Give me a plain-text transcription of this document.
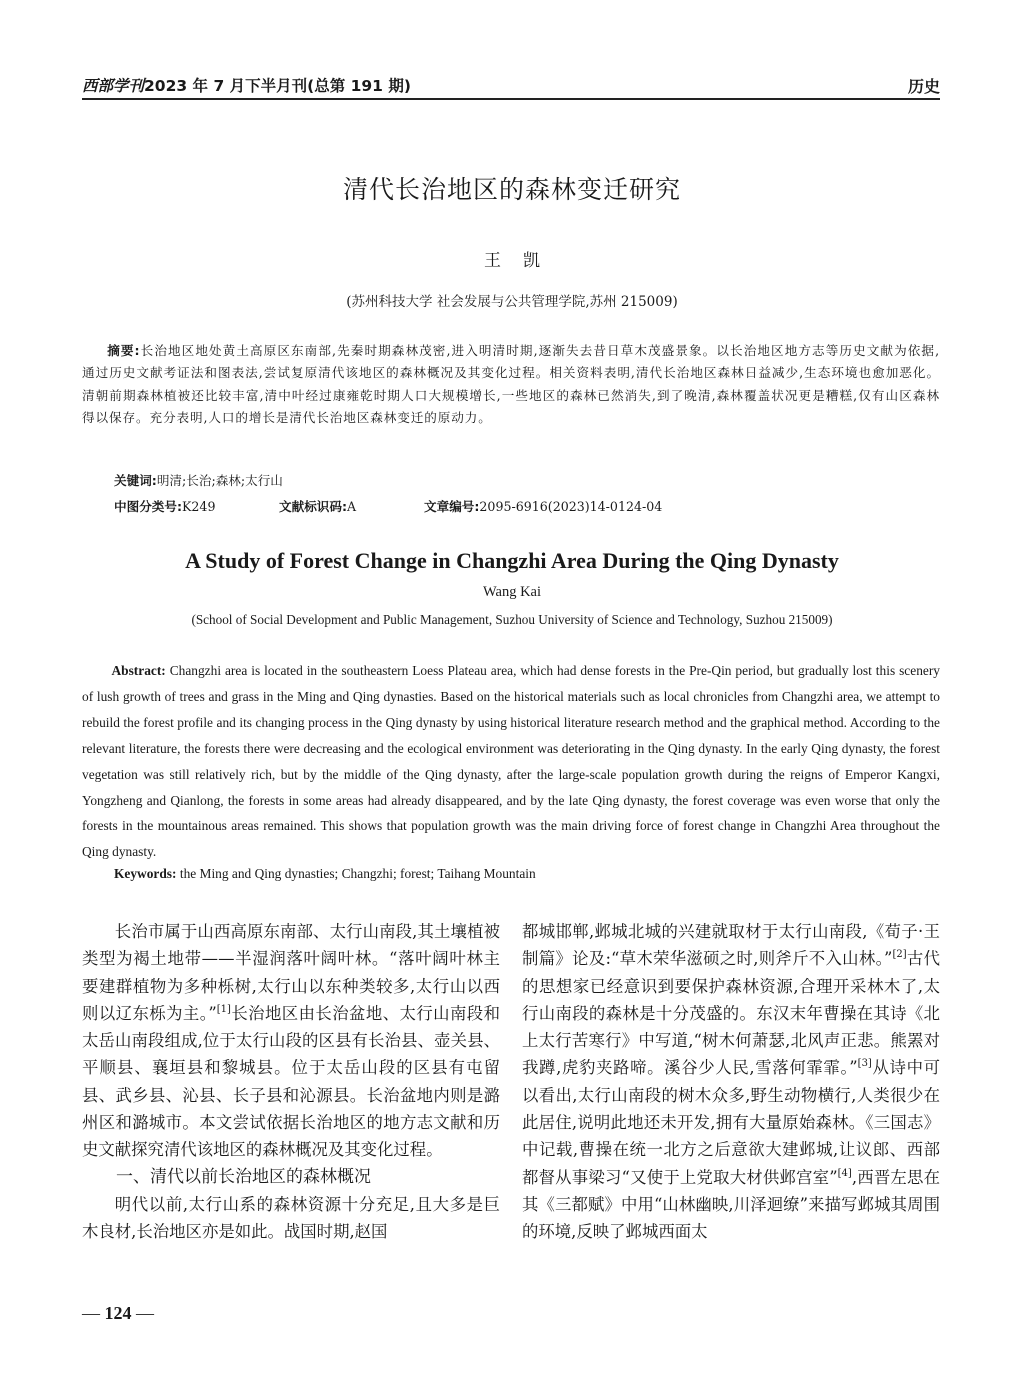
西部学刊2023 年 7 月下半月刊(总第 191 期)	历史
清代长治地区的森林变迁研究
王凯
(苏州科技大学 社会发展与公共管理学院,苏州 215009)
摘要:长治地区地处黄土高原区东南部,先秦时期森林茂密,进入明清时期,逐渐失去昔日草木茂盛景象。以长治地区地方志等历史文献为依据,通过历史文献考证法和图表法,尝试复原清代该地区的森林概况及其变化过程。相关资料表明,清代长治地区森林日益减少,生态环境也愈加恶化。清朝前期森林植被还比较丰富,清中叶经过康雍乾时期人口大规模增长,一些地区的森林已然消失,到了晚清,森林覆盖状况更是糟糕,仅有山区森林得以保存。充分表明,人口的增长是清代长治地区森林变迁的原动力。
关键词:明清;长治;森林;太行山
中图分类号:K249	文献标识码:A	文章编号:2095-6916(2023)14-0124-04
A Study of Forest Change in Changzhi Area During the Qing Dynasty
Wang Kai
(School of Social Development and Public Management, Suzhou University of Science and Technology, Suzhou 215009)
Abstract: Changzhi area is located in the southeastern Loess Plateau area, which had dense forests in the Pre-Qin period, but gradually lost this scenery of lush growth of trees and grass in the Ming and Qing dynasties. Based on the historical materials such as local chronicles from Changzhi area, we attempt to rebuild the forest profile and its changing process in the Qing dynasty by using historical literature research method and the graphical method. According to the relevant literature, the forests there were decreasing and the ecological environment was deteriorating in the Qing dynasty. In the early Qing dynasty, the forest vegetation was still relatively rich, but by the middle of the Qing dynasty, after the large-scale population growth during the reigns of Emperor Kangxi, Yongzheng and Qianlong, the forests in some areas had already disappeared, and by the late Qing dynasty, the forest coverage was even worse that only the forests in the mountainous areas remained. This shows that population growth was the main driving force of forest change in Changzhi Area throughout the Qing dynasty.
Keywords: the Ming and Qing dynasties; Changzhi; forest; Taihang Mountain

长治市属于山西高原东南部、太行山南段,其土壤植被类型为褐土地带——半湿润落叶阔叶林。“落叶阔叶林主要建群植物为多种栎树,太行山以东种类较多,太行山以西则以辽东栎为主。”[1]长治地区由长治盆地、太行山南段和太岳山南段组成,位于太行山段的区县有长治县、壶关县、平顺县、襄垣县和黎城县。位于太岳山段的区县有屯留县、武乡县、沁县、长子县和沁源县。长治盆地内则是潞州区和潞城市。本文尝试依据长治地区的地方志文献和历史文献探究清代该地区的森林概况及其变化过程。

一、清代以前长治地区的森林概况

明代以前,太行山系的森林资源十分充足,且大多是巨木良材,长治地区亦是如此。战国时期,赵国

都城邯郸,邺城北城的兴建就取材于太行山南段,《荀子·王制篇》论及:“草木荣华滋硕之时,则斧斤不入山林。”[2]古代的思想家已经意识到要保护森林资源,合理开采林木了,太行山南段的森林是十分茂盛的。东汉末年曹操在其诗《北上太行苦寒行》中写道,“树木何萧瑟,北风声正悲。熊罴对我蹲,虎豹夹路啼。溪谷少人民,雪落何霏霏。”[3]从诗中可以看出,太行山南段的树木众多,野生动物横行,人类很少在此居住,说明此地还未开发,拥有大量原始森林。《三国志》中记载,曹操在统一北方之后意欲大建邺城,让议郎、西部都督从事梁习“又使于上党取大材供邺宫室”[4],西晋左思在其《三都赋》中用“山林幽映,川泽迴缭”来描写邺城其周围的环境,反映了邺城西面太

— 124 —
